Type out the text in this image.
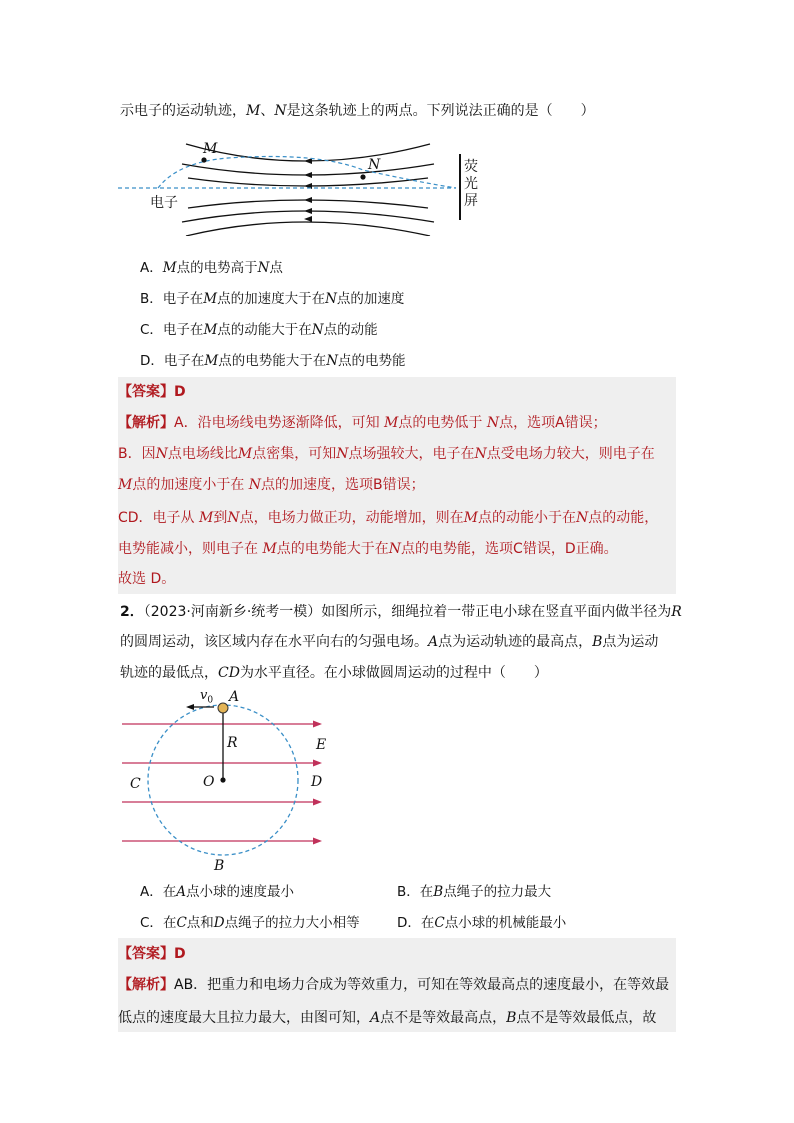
示电子的运动轨迹，M、N是这条轨迹上的两点。下列说法正确的是（　　）
M
N
电子
荧
光
屏
A．M点的电势高于N点
B．电子在M点的加速度大于在N点的加速度
C．电子在M点的动能大于在N点的动能
D．电子在M点的电势能大于在N点的电势能
【答案】D
【解析】A．沿电场线电势逐渐降低，可知 M点的电势低于 N点，选项A错误；
B．因N点电场线比M点密集，可知N点场强较大，电子在N点受电场力较大，则电子在
M点的加速度小于在 N点的加速度，选项B错误；
CD．电子从 M到N点，电场力做正功，动能增加，则在M点的动能小于在N点的动能，
电势能减小，则电子在 M点的电势能大于在N点的电势能，选项C错误，D正确。
故选 D。
2．（2023·河南新乡·统考一模）如图所示，细绳拉着一带正电小球在竖直平面内做半径为R
的圆周运动，该区域内存在水平向右的匀强电场。A点为运动轨迹的最高点，B点为运动
轨迹的最低点，CD为水平直径。在小球做圆周运动的过程中（　　）
$v_0$ A
R	E
C	O	D
B
A．在A点小球的速度最小	B．在B点绳子的拉力最大
C．在C点和D点绳子的拉力大小相等	D．在C点小球的机械能最小
【答案】D
【解析】AB．把重力和电场力合成为等效重力，可知在等效最高点的速度最小，在等效最
低点的速度最大且拉力最大，由图可知，A点不是等效最高点，B点不是等效最低点，故
